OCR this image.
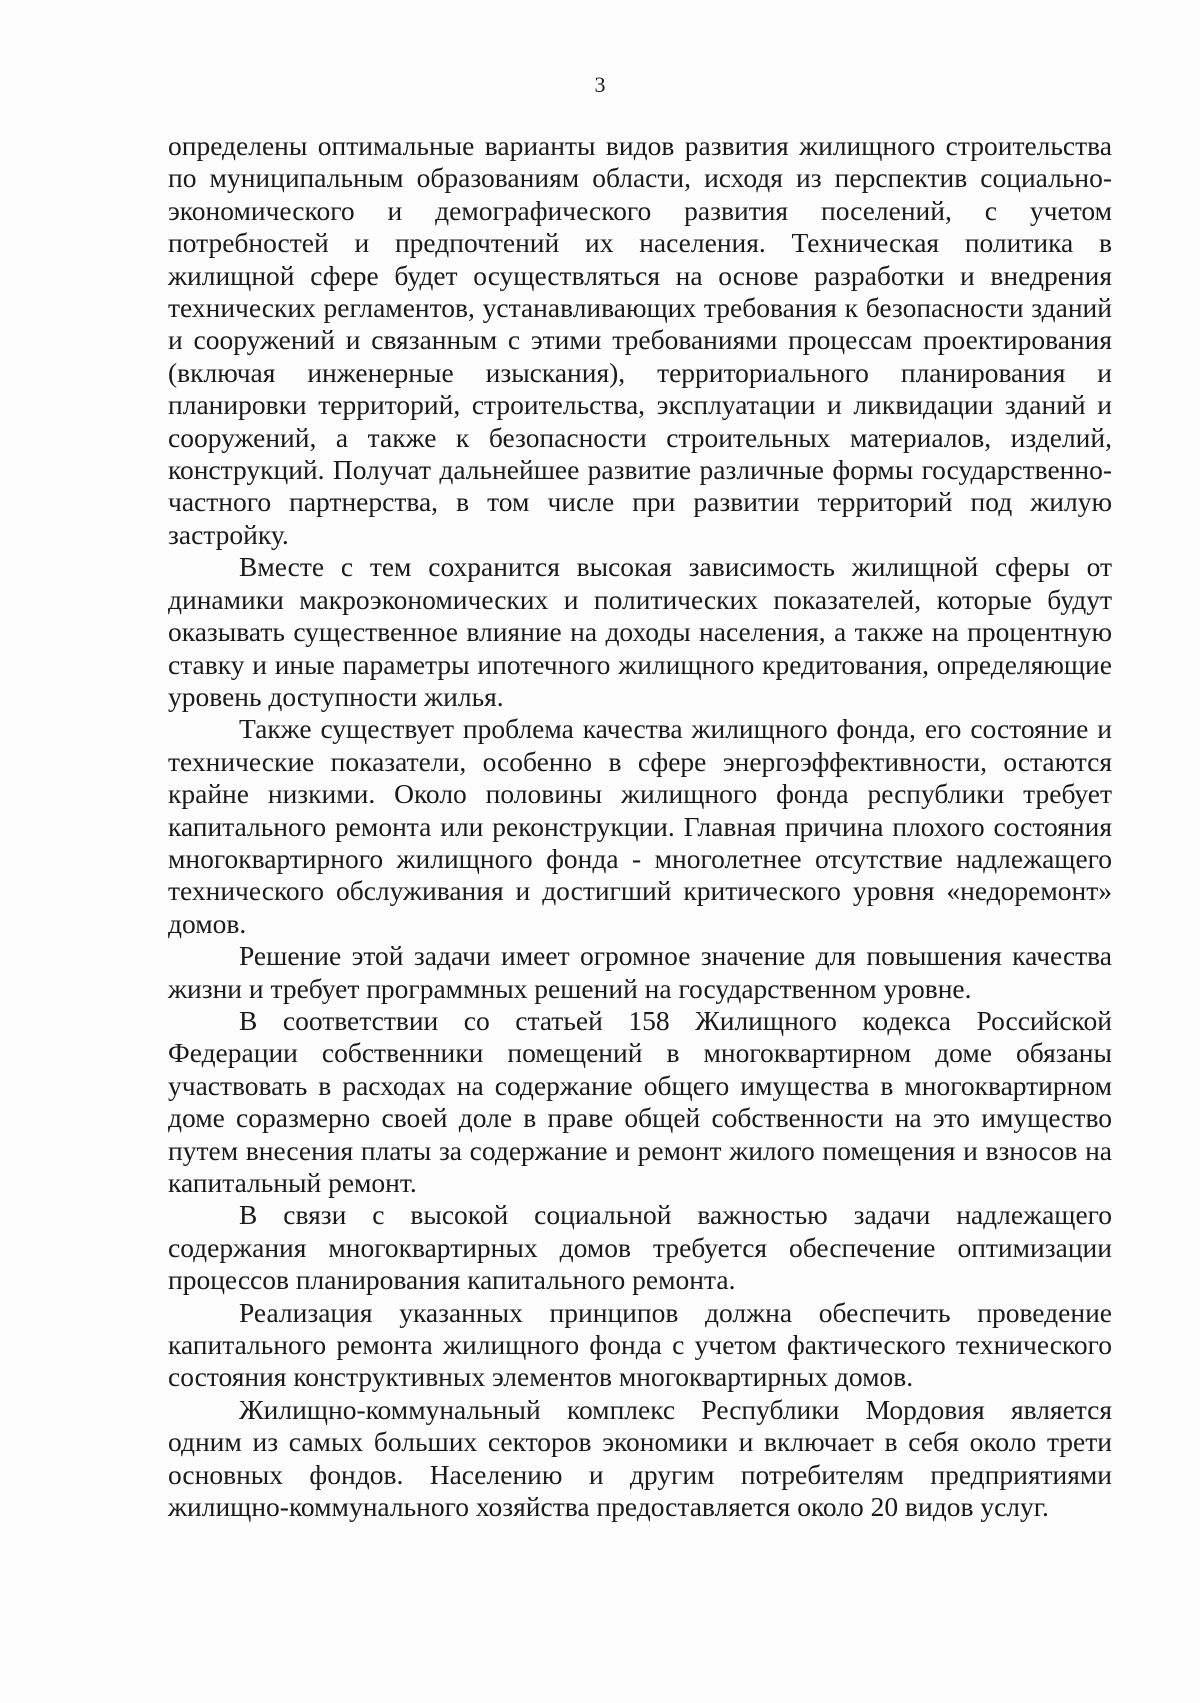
3

определены оптимальные варианты видов развития жилищного строительства по муниципальным образованиям области, исходя из перспектив социально-экономического и демографического развития поселений, с учетом потребностей и предпочтений их населения. Техническая политика в жилищной сфере будет осуществляться на основе разработки и внедрения технических регламентов, устанавливающих требования к безопасности зданий и сооружений и связанным с этими требованиями процессам проектирования (включая инженерные изыскания), территориального планирования и планировки территорий, строительства, эксплуатации и ликвидации зданий и сооружений, а также к безопасности строительных материалов, изделий, конструкций. Получат дальнейшее развитие различные формы государственно-частного партнерства, в том числе при развитии территорий под жилую застройку.

Вместе с тем сохранится высокая зависимость жилищной сферы от динамики макроэкономических и политических показателей, которые будут оказывать существенное влияние на доходы населения, а также на процентную ставку и иные параметры ипотечного жилищного кредитования, определяющие уровень доступности жилья.

Также существует проблема качества жилищного фонда, его состояние и технические показатели, особенно в сфере энергоэффективности, остаются крайне низкими. Около половины жилищного фонда республики требует капитального ремонта или реконструкции. Главная причина плохого состояния многоквартирного жилищного фонда - многолетнее отсутствие надлежащего технического обслуживания и достигший критического уровня «недоремонт» домов.

Решение этой задачи имеет огромное значение для повышения качества жизни и требует программных решений на государственном уровне.

В соответствии со статьей 158 Жилищного кодекса Российской Федерации собственники помещений в многоквартирном доме обязаны участвовать в расходах на содержание общего имущества в многоквартирном доме соразмерно своей доле в праве общей собственности на это имущество путем внесения платы за содержание и ремонт жилого помещения и взносов на капитальный ремонт.

В связи с высокой социальной важностью задачи надлежащего содержания многоквартирных домов требуется обеспечение оптимизации процессов планирования капитального ремонта.

Реализация указанных принципов должна обеспечить проведение капитального ремонта жилищного фонда с учетом фактического технического состояния конструктивных элементов многоквартирных домов.

Жилищно-коммунальный комплекс Республики Мордовия является одним из самых больших секторов экономики и включает в себя около трети основных фондов. Населению и другим потребителям предприятиями жилищно-коммунального хозяйства предоставляется около 20 видов услуг.
